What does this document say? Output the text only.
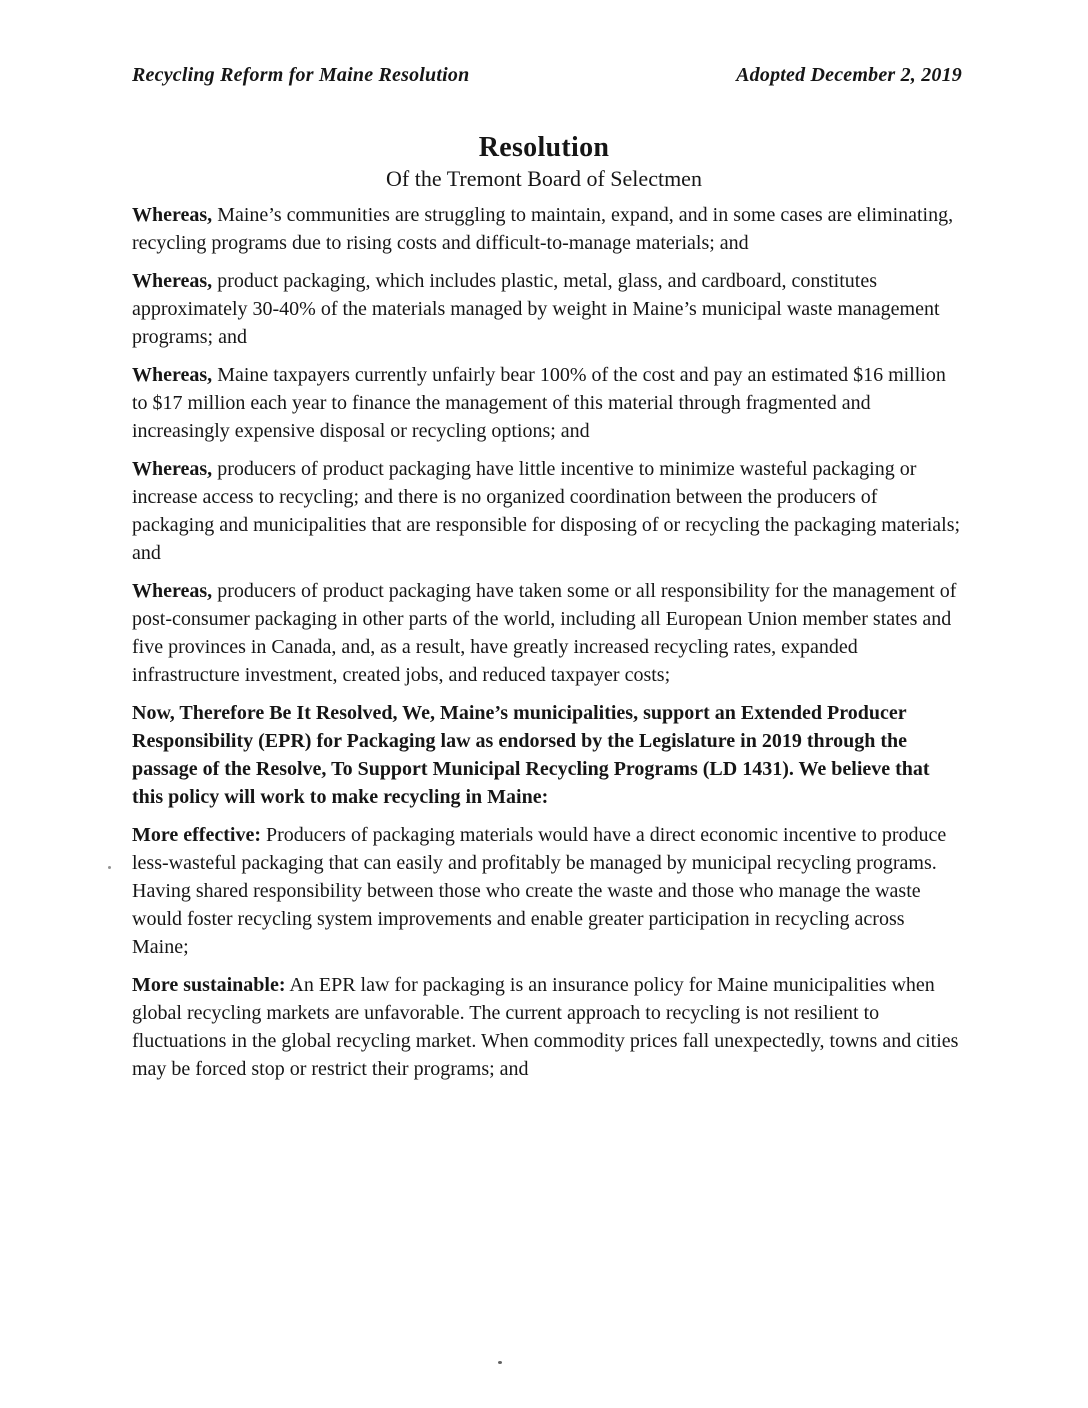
Recycling Reform for Maine Resolution	Adopted December 2, 2019
Resolution
Of the Tremont Board of Selectmen

Whereas, Maine’s communities are struggling to maintain, expand, and in some cases are eliminating, recycling programs due to rising costs and difficult-to-manage materials; and

Whereas, product packaging, which includes plastic, metal, glass, and cardboard, constitutes approximately 30-40% of the materials managed by weight in Maine’s municipal waste management programs; and

Whereas, Maine taxpayers currently unfairly bear 100% of the cost and pay an estimated $16 million to $17 million each year to finance the management of this material through fragmented and increasingly expensive disposal or recycling options; and

Whereas, producers of product packaging have little incentive to minimize wasteful packaging or increase access to recycling; and there is no organized coordination between the producers of packaging and municipalities that are responsible for disposing of or recycling the packaging materials; and

Whereas, producers of product packaging have taken some or all responsibility for the management of post-consumer packaging in other parts of the world, including all European Union member states and five provinces in Canada, and, as a result, have greatly increased recycling rates, expanded infrastructure investment, created jobs, and reduced taxpayer costs;

Now, Therefore Be It Resolved, We, Maine’s municipalities, support an Extended Producer Responsibility (EPR) for Packaging law as endorsed by the Legislature in 2019 through the passage of the Resolve, To Support Municipal Recycling Programs (LD 1431). We believe that this policy will work to make recycling in Maine:

More effective: Producers of packaging materials would have a direct economic incentive to produce less-wasteful packaging that can easily and profitably be managed by municipal recycling programs. Having shared responsibility between those who create the waste and those who manage the waste would foster recycling system improvements and enable greater participation in recycling across Maine;

More sustainable: An EPR law for packaging is an insurance policy for Maine municipalities when global recycling markets are unfavorable. The current approach to recycling is not resilient to fluctuations in the global recycling market. When commodity prices fall unexpectedly, towns and cities may be forced stop or restrict their programs; and
